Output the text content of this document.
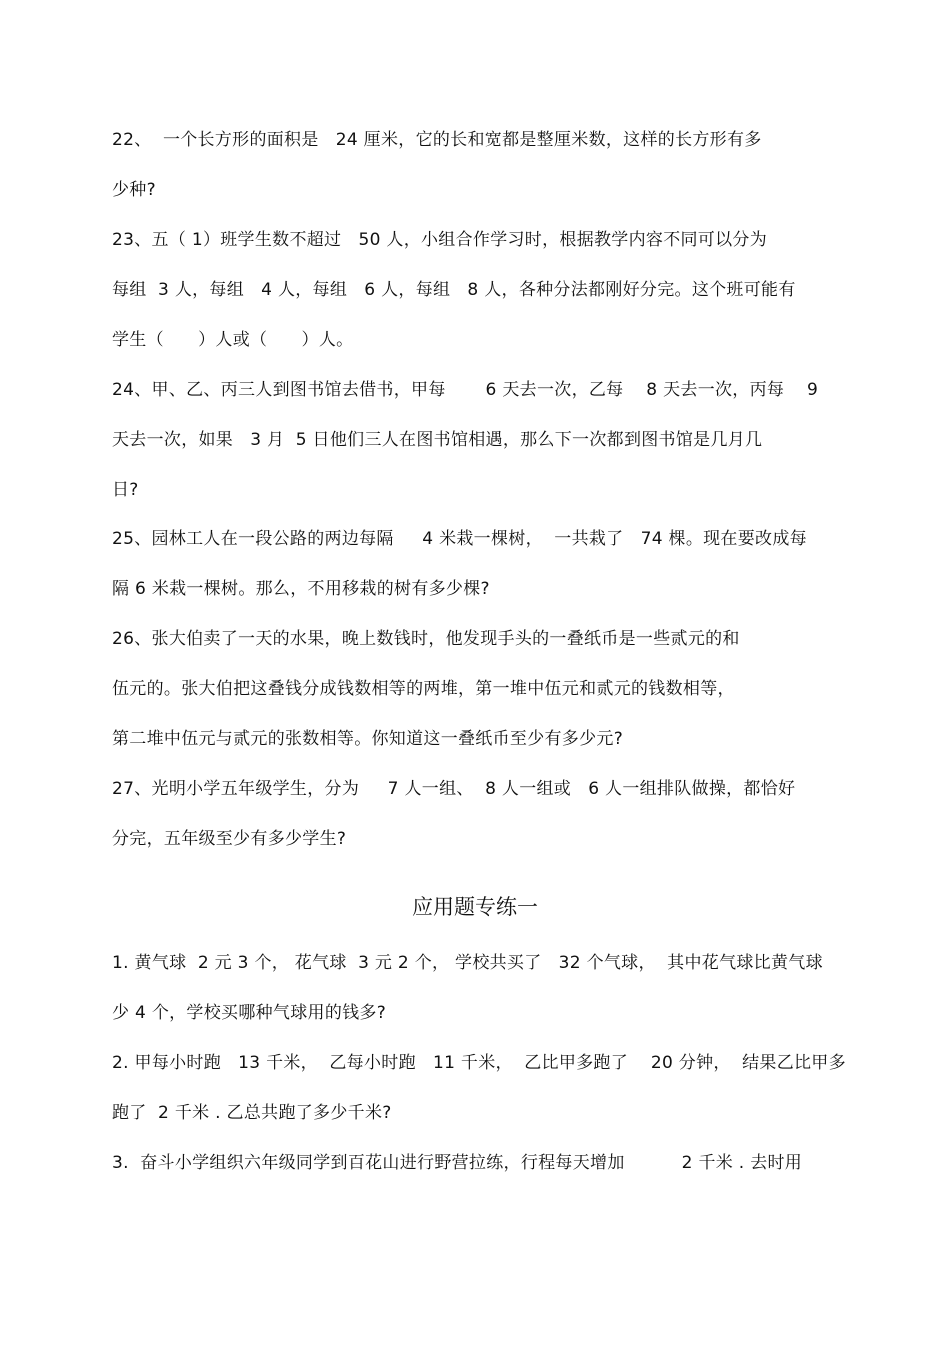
22、  一个长方形的面积是   24 厘米，它的长和宽都是整厘米数，这样的长方形有多
少种?
23、五（ 1）班学生数不超过   50 人，小组合作学习时，根据教学内容不同可以分为
每组  3 人，每组   4 人，每组   6 人，每组   8 人，各种分法都刚好分完。这个班可能有
学生（      ）人或（      ）人。
24、甲、乙、丙三人到图书馆去借书，甲每       6 天去一次，乙每    8 天去一次，丙每    9
天去一次，如果   3 月  5 日他们三人在图书馆相遇，那么下一次都到图书馆是几月几
日?
25、园林工人在一段公路的两边每隔     4 米栽一棵树，  一共栽了   74 棵。现在要改成每
隔 6 米栽一棵树。那么，不用移栽的树有多少棵?
26、张大伯卖了一天的水果，晚上数钱时，他发现手头的一叠纸币是一些贰元的和
伍元的。张大伯把这叠钱分成钱数相等的两堆，第一堆中伍元和贰元的钱数相等，
第二堆中伍元与贰元的张数相等。你知道这一叠纸币至少有多少元?
27、光明小学五年级学生，分为     7 人一组、  8 人一组或   6 人一组排队做操，都恰好
分完，五年级至少有多少学生?
应用题专练一
1. 黄气球  2 元 3 个， 花气球  3 元 2 个， 学校共买了   32 个气球，  其中花气球比黄气球
少 4 个，学校买哪种气球用的钱多?
2. 甲每小时跑   13 千米，  乙每小时跑   11 千米，  乙比甲多跑了    20 分钟，  结果乙比甲多
跑了  2 千米 . 乙总共跑了多少千米?
3.  奋斗小学组织六年级同学到百花山进行野营拉练，行程每天增加          2 千米 . 去时用
